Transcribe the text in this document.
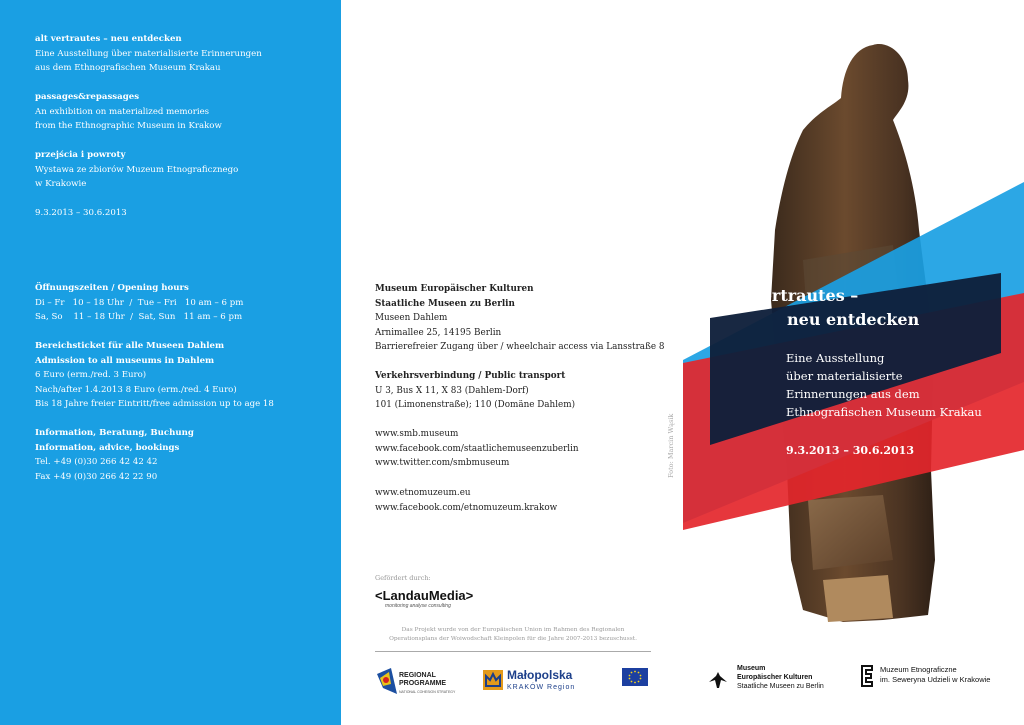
alt vertrautes – neu entdecken
Eine Ausstellung über materialisierte Erinnerungen
aus dem Ethnografischen Museum Krakau
passages&repassages
An exhibition on materialized memories
from the Ethnographic Museum in Krakow
przejścia i powroty
Wystawa ze zbiorów Muzeum Etnograficznego
w Krakowie
9.3.2013 – 30.6.2013
Öffnungszeiten / Opening hours
Di – Fr   10 – 18 Uhr  /  Tue – Fri   10 am – 6 pm
Sa, So    11 – 18 Uhr  /  Sat, Sun   11 am – 6 pm
Bereichsticket für alle Museen Dahlem
Admission to all museums in Dahlem
6 Euro (erm./red. 3 Euro)
Nach/after 1.4.2013 8 Euro (erm./red. 4 Euro)
Bis 18 Jahre freier Eintritt/free admission up to age 18
Information, Beratung, Buchung
Information, advice, bookings
Tel. +49 (0)30 266 42 42 42
Fax +49 (0)30 266 42 22 90
Museum Europäischer Kulturen
Staatliche Museen zu Berlin
Museen Dahlem
Arnimallee 25, 14195 Berlin
Barrierefreier Zugang über / wheelchair access via Lansstraße 8
Verkehrsverbindung / Public transport
U 3, Bus X 11, X 83 (Dahlem-Dorf)
101 (Limonenstraße); 110 (Domäne Dahlem)
www.smb.museum
www.facebook.com/staatlichemuseenzuberlin
www.twitter.com/smbmuseum
www.etnomuzeum.eu
www.facebook.com/etnomuzeum.krakow
Gefördert durch:
<LandauMedia>
monitoring analyse consulting
Das Projekt wurde von der Europäischen Union im Rahmen des Regionalen
Operationsplans der Woiwodschaft Kleinpolen für die Jahre 2007-2013 bezuschusst.
REGIONAL
PROGRAMME
NATIONAL COHESION STRATEGY
Małopolska
KRAKÓW Region
Foto: Marcin Wąsik
alt vertrautes –
neu entdecken
Eine Ausstellung
über materialisierte
Erinnerungen aus dem
Ethnografischen Museum Krakau
9.3.2013 – 30.6.2013
Museum
Europäischer Kulturen
Staatliche Museen zu Berlin
Muzeum Etnograficzne
im. Seweryna Udzieli w Krakowie
